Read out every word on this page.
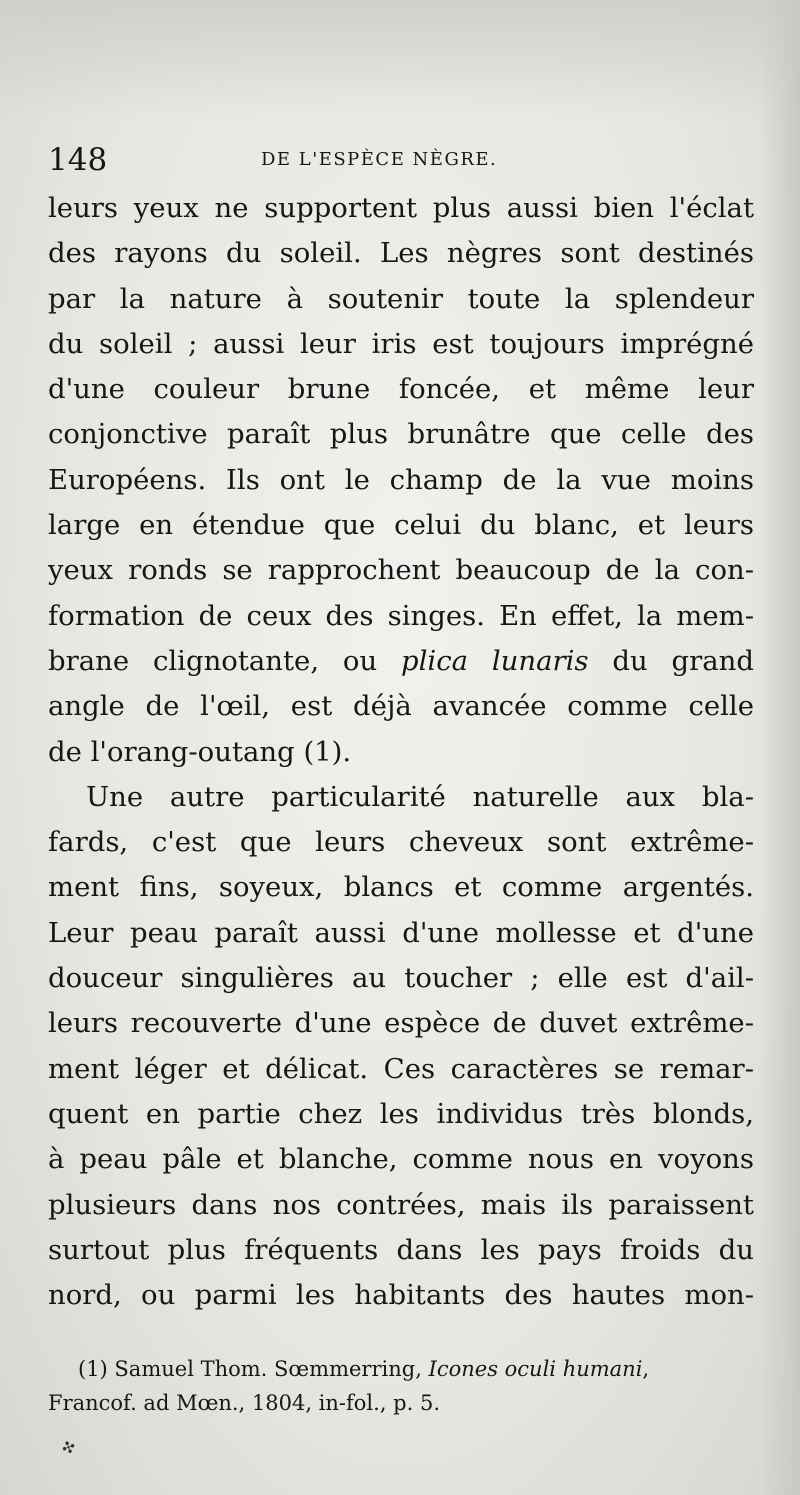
148	DE L'ESPÈCE NÈGRE.
leurs yeux ne supportent plus aussi bien l'éclat
des rayons du soleil. Les nègres sont destinés
par la nature à soutenir toute la splendeur
du soleil ; aussi leur iris est toujours imprégné
d'une couleur brune foncée, et même leur
conjonctive paraît plus brunâtre que celle des
Européens. Ils ont le champ de la vue moins
large en étendue que celui du blanc, et leurs
yeux ronds se rapprochent beaucoup de la con-
formation de ceux des singes. En effet, la mem-
brane clignotante, ou plica lunaris du grand
angle de l'œil, est déjà avancée comme celle
de l'orang-outang (1).
Une autre particularité naturelle aux bla-
fards, c'est que leurs cheveux sont extrême-
ment fins, soyeux, blancs et comme argentés.
Leur peau paraît aussi d'une mollesse et d'une
douceur singulières au toucher ; elle est d'ail-
leurs recouverte d'une espèce de duvet extrême-
ment léger et délicat. Ces caractères se remar-
quent en partie chez les individus très blonds,
à peau pâle et blanche, comme nous en voyons
plusieurs dans nos contrées, mais ils paraissent
surtout plus fréquents dans les pays froids du
nord, ou parmi les habitants des hautes mon-
(1) Samuel Thom. Sœmmerring, Icones oculi humani,
Francof. ad Mœn., 1804, in-fol., p. 5.
✣
